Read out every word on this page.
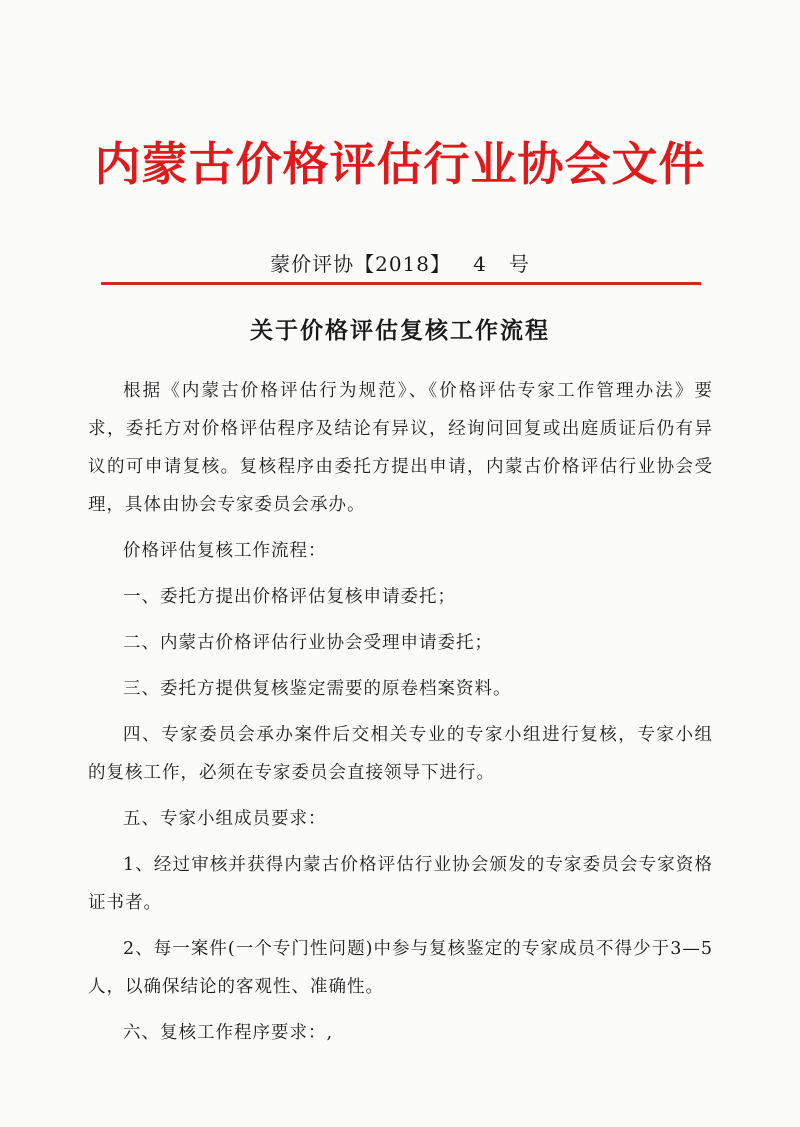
内蒙古价格评估行业协会文件
蒙价评协【2018】   4   号
关于价格评估复核工作流程

根据《内蒙古价格评估行为规范》、《价格评估专家工作管理办法》要求，委托方对价格评估程序及结论有异议，经询问回复或出庭质证后仍有异议的可申请复核。复核程序由委托方提出申请，内蒙古价格评估行业协会受理，具体由协会专家委员会承办。

价格评估复核工作流程：

一、委托方提出价格评估复核申请委托；

二、内蒙古价格评估行业协会受理申请委托；

三、委托方提供复核鉴定需要的原卷档案资料。

四、专家委员会承办案件后交相关专业的专家小组进行复核，专家小组的复核工作，必须在专家委员会直接领导下进行。

五、专家小组成员要求：

1、经过审核并获得内蒙古价格评估行业协会颁发的专家委员会专家资格证书者。

2、每一案件(一个专门性问题)中参与复核鉴定的专家成员不得少于3—5人，以确保结论的客观性、准确性。

六、复核工作程序要求：,
